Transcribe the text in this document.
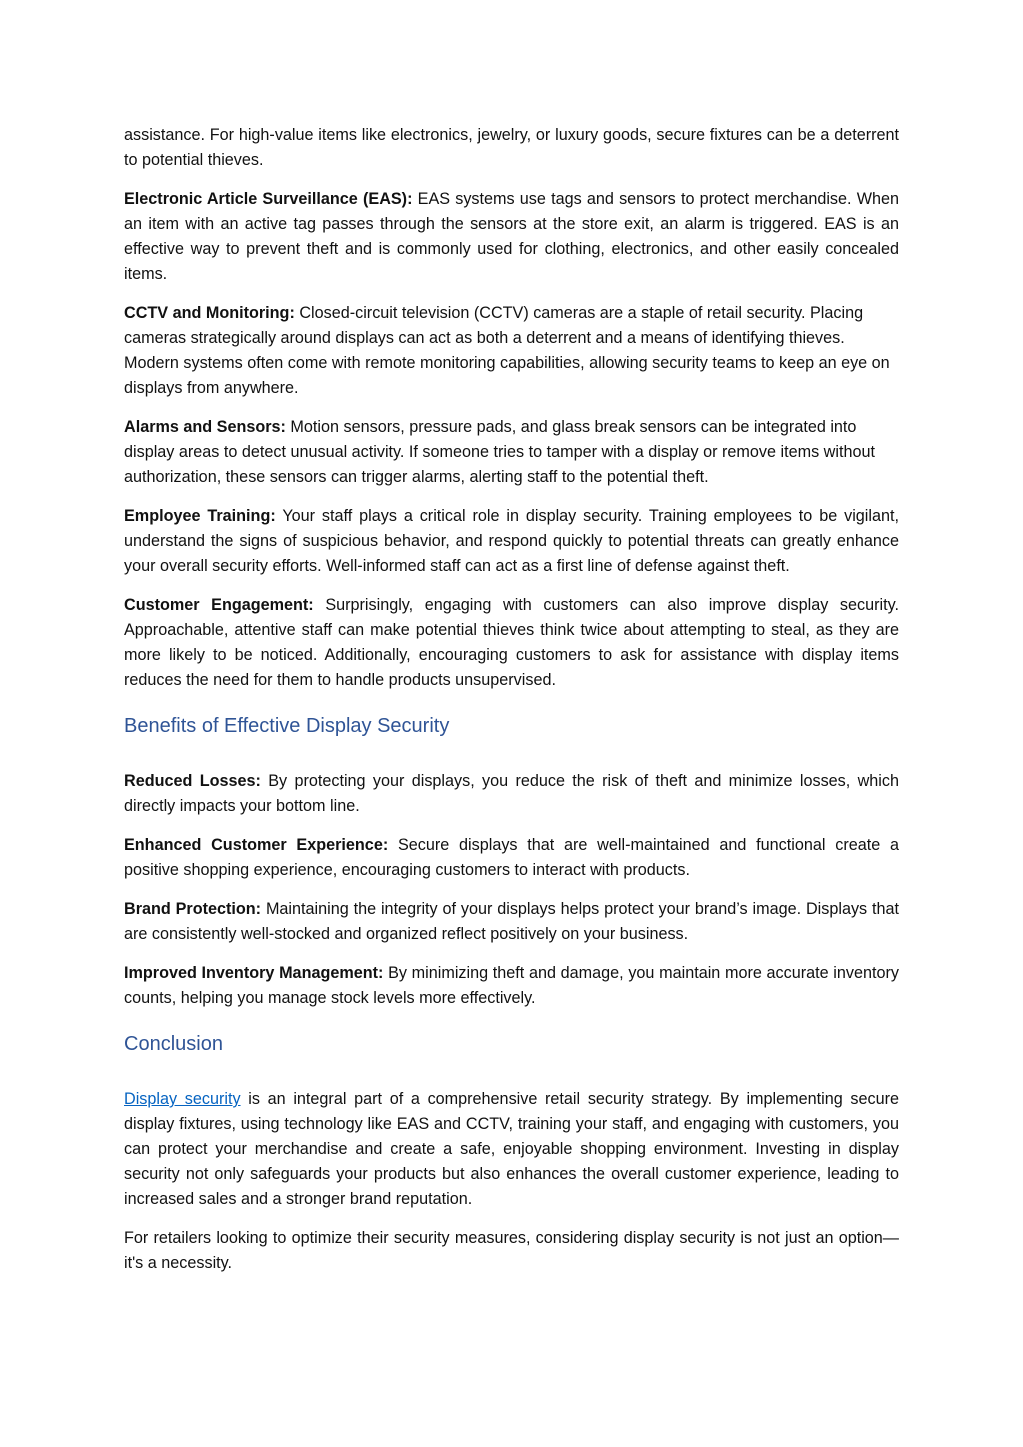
assistance. For high-value items like electronics, jewelry, or luxury goods, secure fixtures can be a deterrent to potential thieves.

Electronic Article Surveillance (EAS): EAS systems use tags and sensors to protect merchandise. When an item with an active tag passes through the sensors at the store exit, an alarm is triggered. EAS is an effective way to prevent theft and is commonly used for clothing, electronics, and other easily concealed items.

CCTV and Monitoring: Closed-circuit television (CCTV) cameras are a staple of retail security. Placing cameras strategically around displays can act as both a deterrent and a means of identifying thieves. Modern systems often come with remote monitoring capabilities, allowing security teams to keep an eye on displays from anywhere.

Alarms and Sensors: Motion sensors, pressure pads, and glass break sensors can be integrated into display areas to detect unusual activity. If someone tries to tamper with a display or remove items without authorization, these sensors can trigger alarms, alerting staff to the potential theft.

Employee Training: Your staff plays a critical role in display security. Training employees to be vigilant, understand the signs of suspicious behavior, and respond quickly to potential threats can greatly enhance your overall security efforts. Well-informed staff can act as a first line of defense against theft.

Customer Engagement: Surprisingly, engaging with customers can also improve display security. Approachable, attentive staff can make potential thieves think twice about attempting to steal, as they are more likely to be noticed. Additionally, encouraging customers to ask for assistance with display items reduces the need for them to handle products unsupervised.

Benefits of Effective Display Security

Reduced Losses: By protecting your displays, you reduce the risk of theft and minimize losses, which directly impacts your bottom line.

Enhanced Customer Experience: Secure displays that are well-maintained and functional create a positive shopping experience, encouraging customers to interact with products.

Brand Protection: Maintaining the integrity of your displays helps protect your brand’s image. Displays that are consistently well-stocked and organized reflect positively on your business.

Improved Inventory Management: By minimizing theft and damage, you maintain more accurate inventory counts, helping you manage stock levels more effectively.

Conclusion

Display security is an integral part of a comprehensive retail security strategy. By implementing secure display fixtures, using technology like EAS and CCTV, training your staff, and engaging with customers, you can protect your merchandise and create a safe, enjoyable shopping environment. Investing in display security not only safeguards your products but also enhances the overall customer experience, leading to increased sales and a stronger brand reputation.

For retailers looking to optimize their security measures, considering display security is not just an option—it's a necessity.
